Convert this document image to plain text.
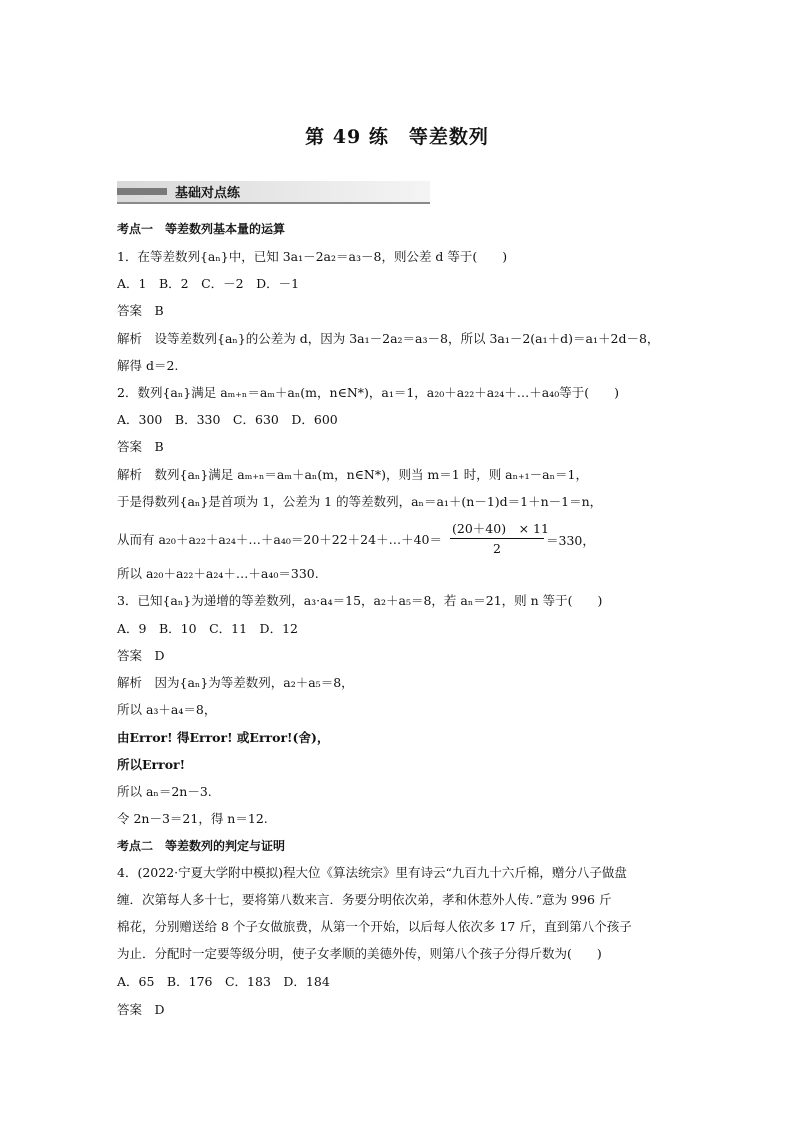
第 49 练　等差数列
基础对点练
考点一　等差数列基本量的运算
1．在等差数列{aₙ}中，已知 3a₁－2a₂＝a₃－8，则公差 d 等于(　　)
A．1　B．2　C．－2　D．－1
答案　B
解析　设等差数列{aₙ}的公差为 d，因为 3a₁－2a₂＝a₃－8，所以 3a₁－2(a₁＋d)＝a₁＋2d－8，
解得 d＝2.
2．数列{aₙ}满足 aₘ₊ₙ＝aₘ＋aₙ(m，n∈N*)，a₁＝1，a₂₀＋a₂₂＋a₂₄＋…＋a₄₀等于(　　)
A．300　B．330　C．630　D．600
答案　B
解析　数列{aₙ}满足 aₘ₊ₙ＝aₘ＋aₙ(m，n∈N*)，则当 m＝1 时，则 aₙ₊₁－aₙ＝1，
于是得数列{aₙ}是首项为 1，公差为 1 的等差数列，aₙ＝a₁＋(n－1)d＝1＋n－1＝n，
从而有 a₂₀＋a₂₂＋a₂₄＋…＋a₄₀＝20＋22＋24＋…＋40＝
(20＋40)　× 11
2
＝330，
所以 a₂₀＋a₂₂＋a₂₄＋…＋a₄₀＝330.
3．已知{aₙ}为递增的等差数列，a₃·a₄＝15，a₂＋a₅＝8，若 aₙ＝21，则 n 等于(　　)
A．9　B．10　C．11　D．12
答案　D
解析　因为{aₙ}为等差数列，a₂＋a₅＝8，
所以 a₃＋a₄＝8，
由Error! 得Error! 或Error!(舍)，
所以Error!
所以 aₙ＝2n－3.
令 2n－3＝21，得 n＝12.
考点二　等差数列的判定与证明
4．(2022·宁夏大学附中模拟)程大位《算法统宗》里有诗云“九百九十六斤棉，赠分八子做盘
缠．次第每人多十七，要将第八数来言．务要分明依次弟，孝和休惹外人传．”意为 996 斤
棉花，分别赠送给 8 个子女做旅费，从第一个开始，以后每人依次多 17 斤，直到第八个孩子
为止．分配时一定要等级分明，使子女孝顺的美德外传，则第八个孩子分得斤数为(　　)
A．65　B．176　C．183　D．184
答案　D
